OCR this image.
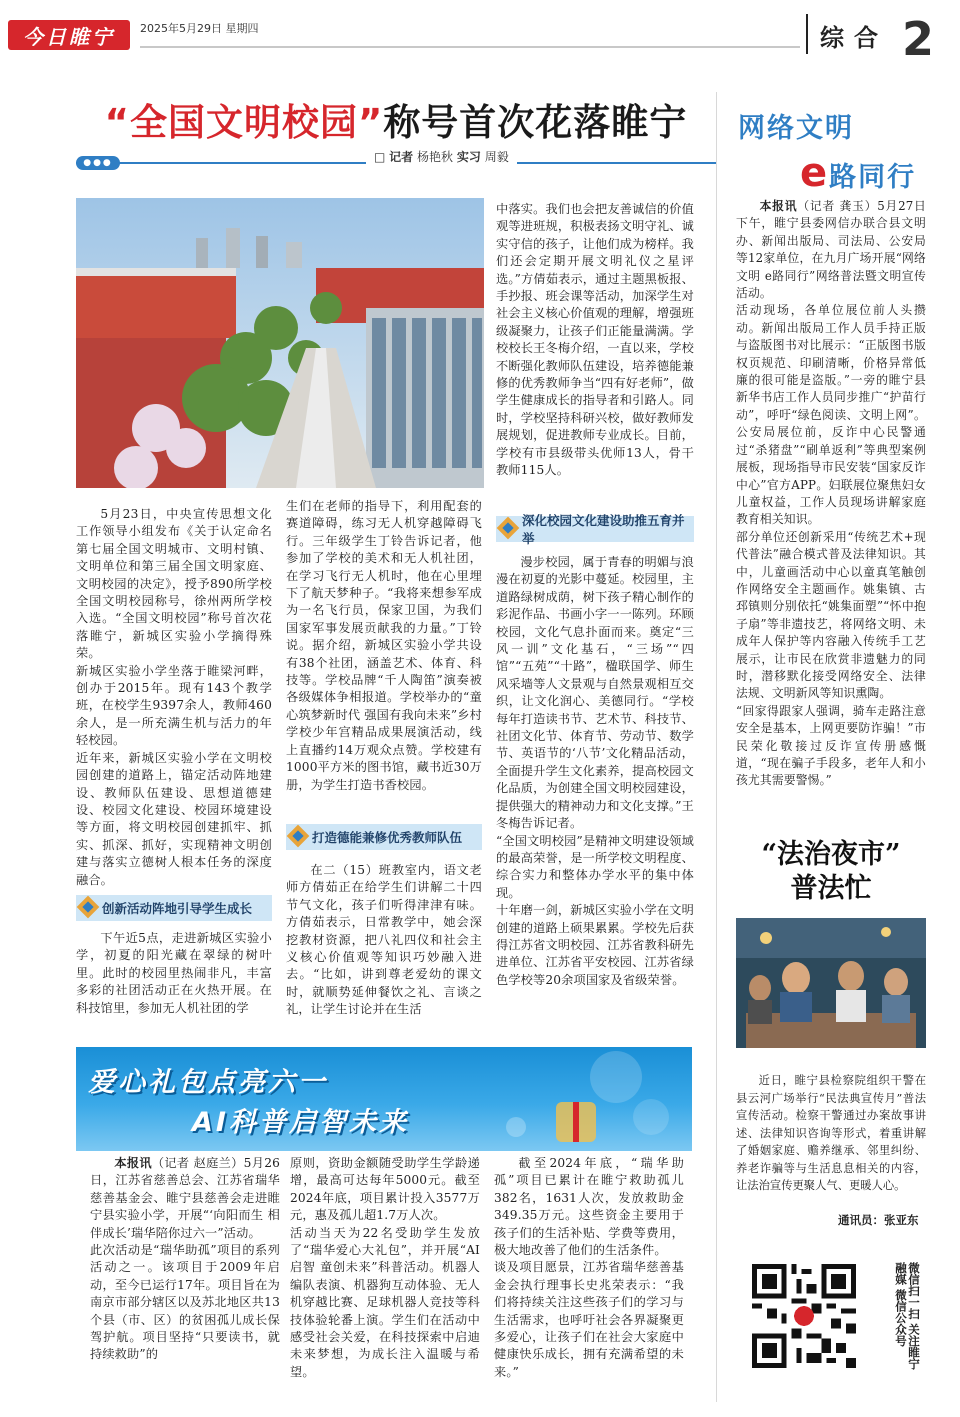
今日睢宁	2025年5月29日 星期四	综合 2
“全国文明校园”称号首次花落睢宁
●●●	□ 记者 杨艳秋 实习 周毅
5月23日，中央宣传思想文化工作领导小组发布《关于认定命名第七届全国文明城市、文明村镇、文明单位和第三届全国文明家庭、文明校园的决定》，授予890所学校全国文明校园称号，徐州两所学校入选。“全国文明校园”称号首次花落睢宁，新城区实验小学摘得殊荣。
新城区实验小学坐落于睢梁河畔，创办于2015年。现有143个教学班，在校学生9397余人，教师460余人，是一所充满生机与活力的年轻校园。
近年来，新城区实验小学在文明校园创建的道路上，锚定活动阵地建设、教师队伍建设、思想道德建设、校园文化建设、校园环境建设等方面，将文明校园创建抓牢、抓实、抓深、抓好，实现精神文明创建与落实立德树人根本任务的深度融合。
创新活动阵地引导学生成长
下午近5点，走进新城区实验小学，初夏的阳光藏在翠绿的树叶里。此时的校园里热闹非凡，丰富多彩的社团活动正在火热开展。在科技馆里，参加无人机社团的学
生们在老师的指导下，利用配套的赛道障碍，练习无人机穿越障碍飞行。三年级学生丁铃告诉记者，他参加了学校的美术和无人机社团，在学习飞行无人机时，他在心里埋下了航天梦种子。“我将来想参军成为一名飞行员，保家卫国，为我们国家军事发展贡献我的力量。”丁铃说。据介绍，新城区实验小学共设有38个社团，涵盖艺术、体育、科技等。学校品牌“千人陶笛”演奏被各级媒体争相报道。学校举办的“童心筑梦新时代 强国有我向未来”乡村学校少年宫精品成果展演活动，线上直播约14万观众点赞。学校建有1000平方米的图书馆，藏书近30万册，为学生打造书香校园。
打造德能兼修优秀教师队伍
在二（15）班教室内，语文老师方倩茹正在给学生们讲解二十四节气文化，孩子们听得津津有味。方倩茹表示，日常教学中，她会深挖教材资源，把八礼四仪和社会主义核心价值观等知识巧妙融入进去。“比如，讲到尊老爱幼的课文时，就顺势延伸餐饮之礼、言谈之礼，让学生讨论并在生活
中落实。我们也会把友善诚信的价值观等进班规，积极表扬文明守礼、诚实守信的孩子，让他们成为榜样。我们还会定期开展文明礼仪之星评选。”方倩茹表示，通过主题黑板报、手抄报、班会课等活动，加深学生对社会主义核心价值观的理解，增强班级凝聚力，让孩子们正能量满满。学校校长王冬梅介绍，一直以来，学校不断强化教师队伍建设，培养德能兼修的优秀教师争当“四有好老师”，做学生健康成长的指导者和引路人。同时，学校坚持科研兴校，做好教师发展规划，促进教师专业成长。目前，学校有市县级带头优师13人，骨干教师115人。
深化校园文化建设助推五育并举
漫步校园，属于青春的明媚与浪漫在初夏的光影中蔓延。校园里，主道路绿树成荫，树下孩子精心制作的彩泥作品、书画小字一一陈列。环顾校园，文化气息扑面而来。奠定“三风一训”文化基石，“三场”“四馆”“五苑”“十路”，楹联国学、师生风采墙等人文景观与自然景观相互交织，让文化润心、美德同行。“学校每年打造读书节、艺术节、科技节、社团文化节、体育节、劳动节、数学节、英语节的‘八节’文化精品活动，全面提升学生文化素养，提高校园文化品质，为创建全国文明校园建设，提供强大的精神动力和文化支撑。”王冬梅告诉记者。
“全国文明校园”是精神文明建设领域的最高荣誉，是一所学校文明程度、综合实力和整体办学水平的集中体现。
十年磨一剑，新城区实验小学在文明创建的道路上硕果累累。学校先后获得江苏省文明校园、江苏省教科研先进单位、江苏省平安校园、江苏省绿色学校等20余项国家及省级荣誉。
网络文明
e路同行
本报讯（记者 龚玉）5月27日下午，睢宁县委网信办联合县文明办、新闻出版局、司法局、公安局等12家单位，在九月广场开展“网络文明 e路同行”网络普法暨文明宣传活动。
活动现场，各单位展位前人头攒动。新闻出版局工作人员手持正版与盗版图书对比展示：“正版图书版权页规范、印刷清晰，价格异常低廉的很可能是盗版。”一旁的睢宁县新华书店工作人员同步推广“护苗行动”，呼吁“绿色阅读、文明上网”。公安局展位前，反诈中心民警通过“杀猪盘”“刷单返利”等典型案例展板，现场指导市民安装“国家反诈中心”官方APP。妇联展位聚焦妇女儿童权益，工作人员现场讲解家庭教育相关知识。
部分单位还创新采用“传统艺术+现代普法”融合模式普及法律知识。其中，儿童画活动中心以童真笔触创作网络安全主题画作。姚集镇、古邳镇则分别依托“姚集面塑”“怀中抱子扇”等非遗技艺，将网络文明、未成年人保护等内容融入传统手工艺展示，让市民在欣赏非遗魅力的同时，潜移默化接受网络安全、法律法规、文明新风等知识熏陶。
“回家得跟家人强调，骑车走路注意安全是基本，上网更要防诈骗！”市民荣化敬接过反诈宣传册感慨道，“现在骗子手段多，老年人和小孩尤其需要警惕。”
“法治夜市”
普法忙
近日，睢宁县检察院组织干警在县云河广场举行“民法典宣传月”普法宣传活动。检察干警通过办案故事讲述、法律知识咨询等形式，着重讲解了婚姻家庭、赡养继承、邻里纠纷、养老诈骗等与生活息息相关的内容，让法治宣传更聚人气、更暖人心。
通讯员：张亚东
微信扫一扫 关注睢宁融媒 微信公众号
爱心礼包点亮六一
AI科普启智未来
本报讯（记者 赵庭兰）5月26日，江苏省慈善总会、江苏省瑞华慈善基金会、睢宁县慈善会走进睢宁县实验小学，开展“‘向阳而生 相伴成长’瑞华陪你过六一”活动。
此次活动是“瑞华助孤”项目的系列活动之一。该项目于2009年启动，至今已运行17年。项目旨在为南京市部分辖区以及苏北地区共13个县（市、区）的贫困孤儿成长保驾护航。项目坚持“只要读书，就持续救助”的
原则，资助金额随受助学生学龄递增，最高可达每年5000元。截至2024年底，项目累计投入3577万元，惠及孤儿超1.7万人次。
活动当天为22名受助学生发放了“瑞华爱心大礼包”，并开展“AI启智 童创未来”科普活动。机器人编队表演、机器狗互动体验、无人机穿越比赛、足球机器人竞技等科技体验轮番上演。学生们在活动中感受社会关爱，在科技探索中启迪未来梦想，为成长注入温暖与希望。
截至2024年底，“瑞华助孤”项目已累计在睢宁救助孤儿382名，1631人次，发放救助金349.35万元。这些资金主要用于孩子们的生活补贴、学费等费用，极大地改善了他们的生活条件。
谈及项目愿景，江苏省瑞华慈善基金会执行理事长史兆荣表示：“我们将持续关注这些孩子们的学习与生活需求，也呼吁社会各界凝聚更多爱心，让孩子们在社会大家庭中健康快乐成长，拥有充满希望的未来。”
